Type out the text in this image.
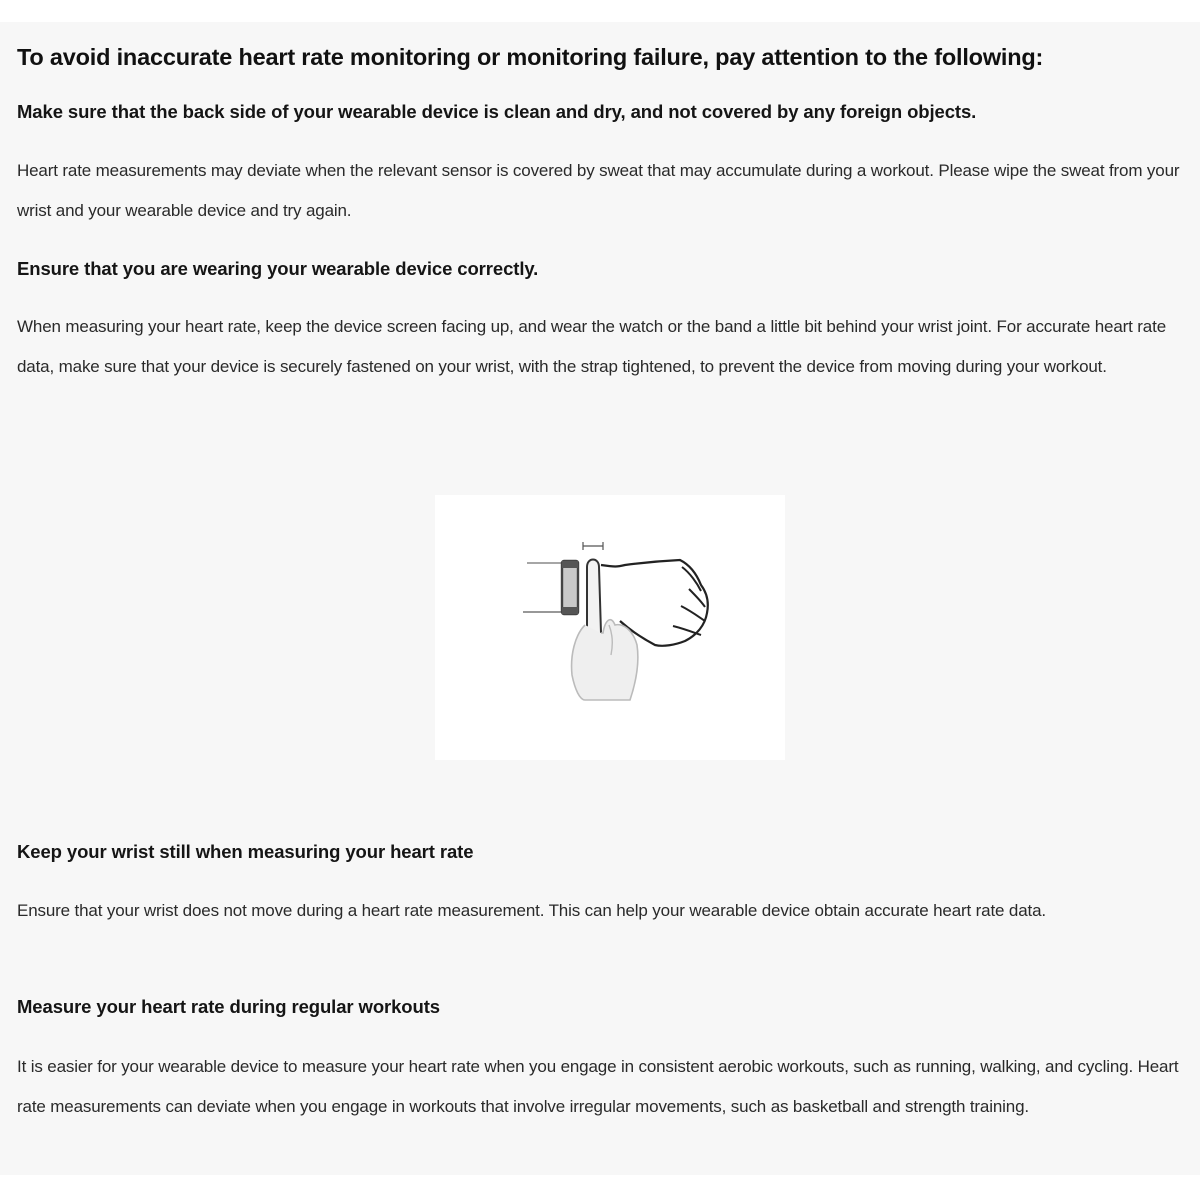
To avoid inaccurate heart rate monitoring or monitoring failure, pay attention to the following:
Make sure that the back side of your wearable device is clean and dry, and not covered by any foreign objects.

Heart rate measurements may deviate when the relevant sensor is covered by sweat that may accumulate during a workout. Please wipe the sweat from your wrist and your wearable device and try again.

Ensure that you are wearing your wearable device correctly.

When measuring your heart rate, keep the device screen facing up, and wear the watch or the band a little bit behind your wrist joint. For accurate heart rate data, make sure that your device is securely fastened on your wrist, with the strap tightened, to prevent the device from moving during your workout.

Keep your wrist still when measuring your heart rate

Ensure that your wrist does not move during a heart rate measurement. This can help your wearable device obtain accurate heart rate data.

Measure your heart rate during regular workouts

It is easier for your wearable device to measure your heart rate when you engage in consistent aerobic workouts, such as running, walking, and cycling. Heart rate measurements can deviate when you engage in workouts that involve irregular movements, such as basketball and strength training.
